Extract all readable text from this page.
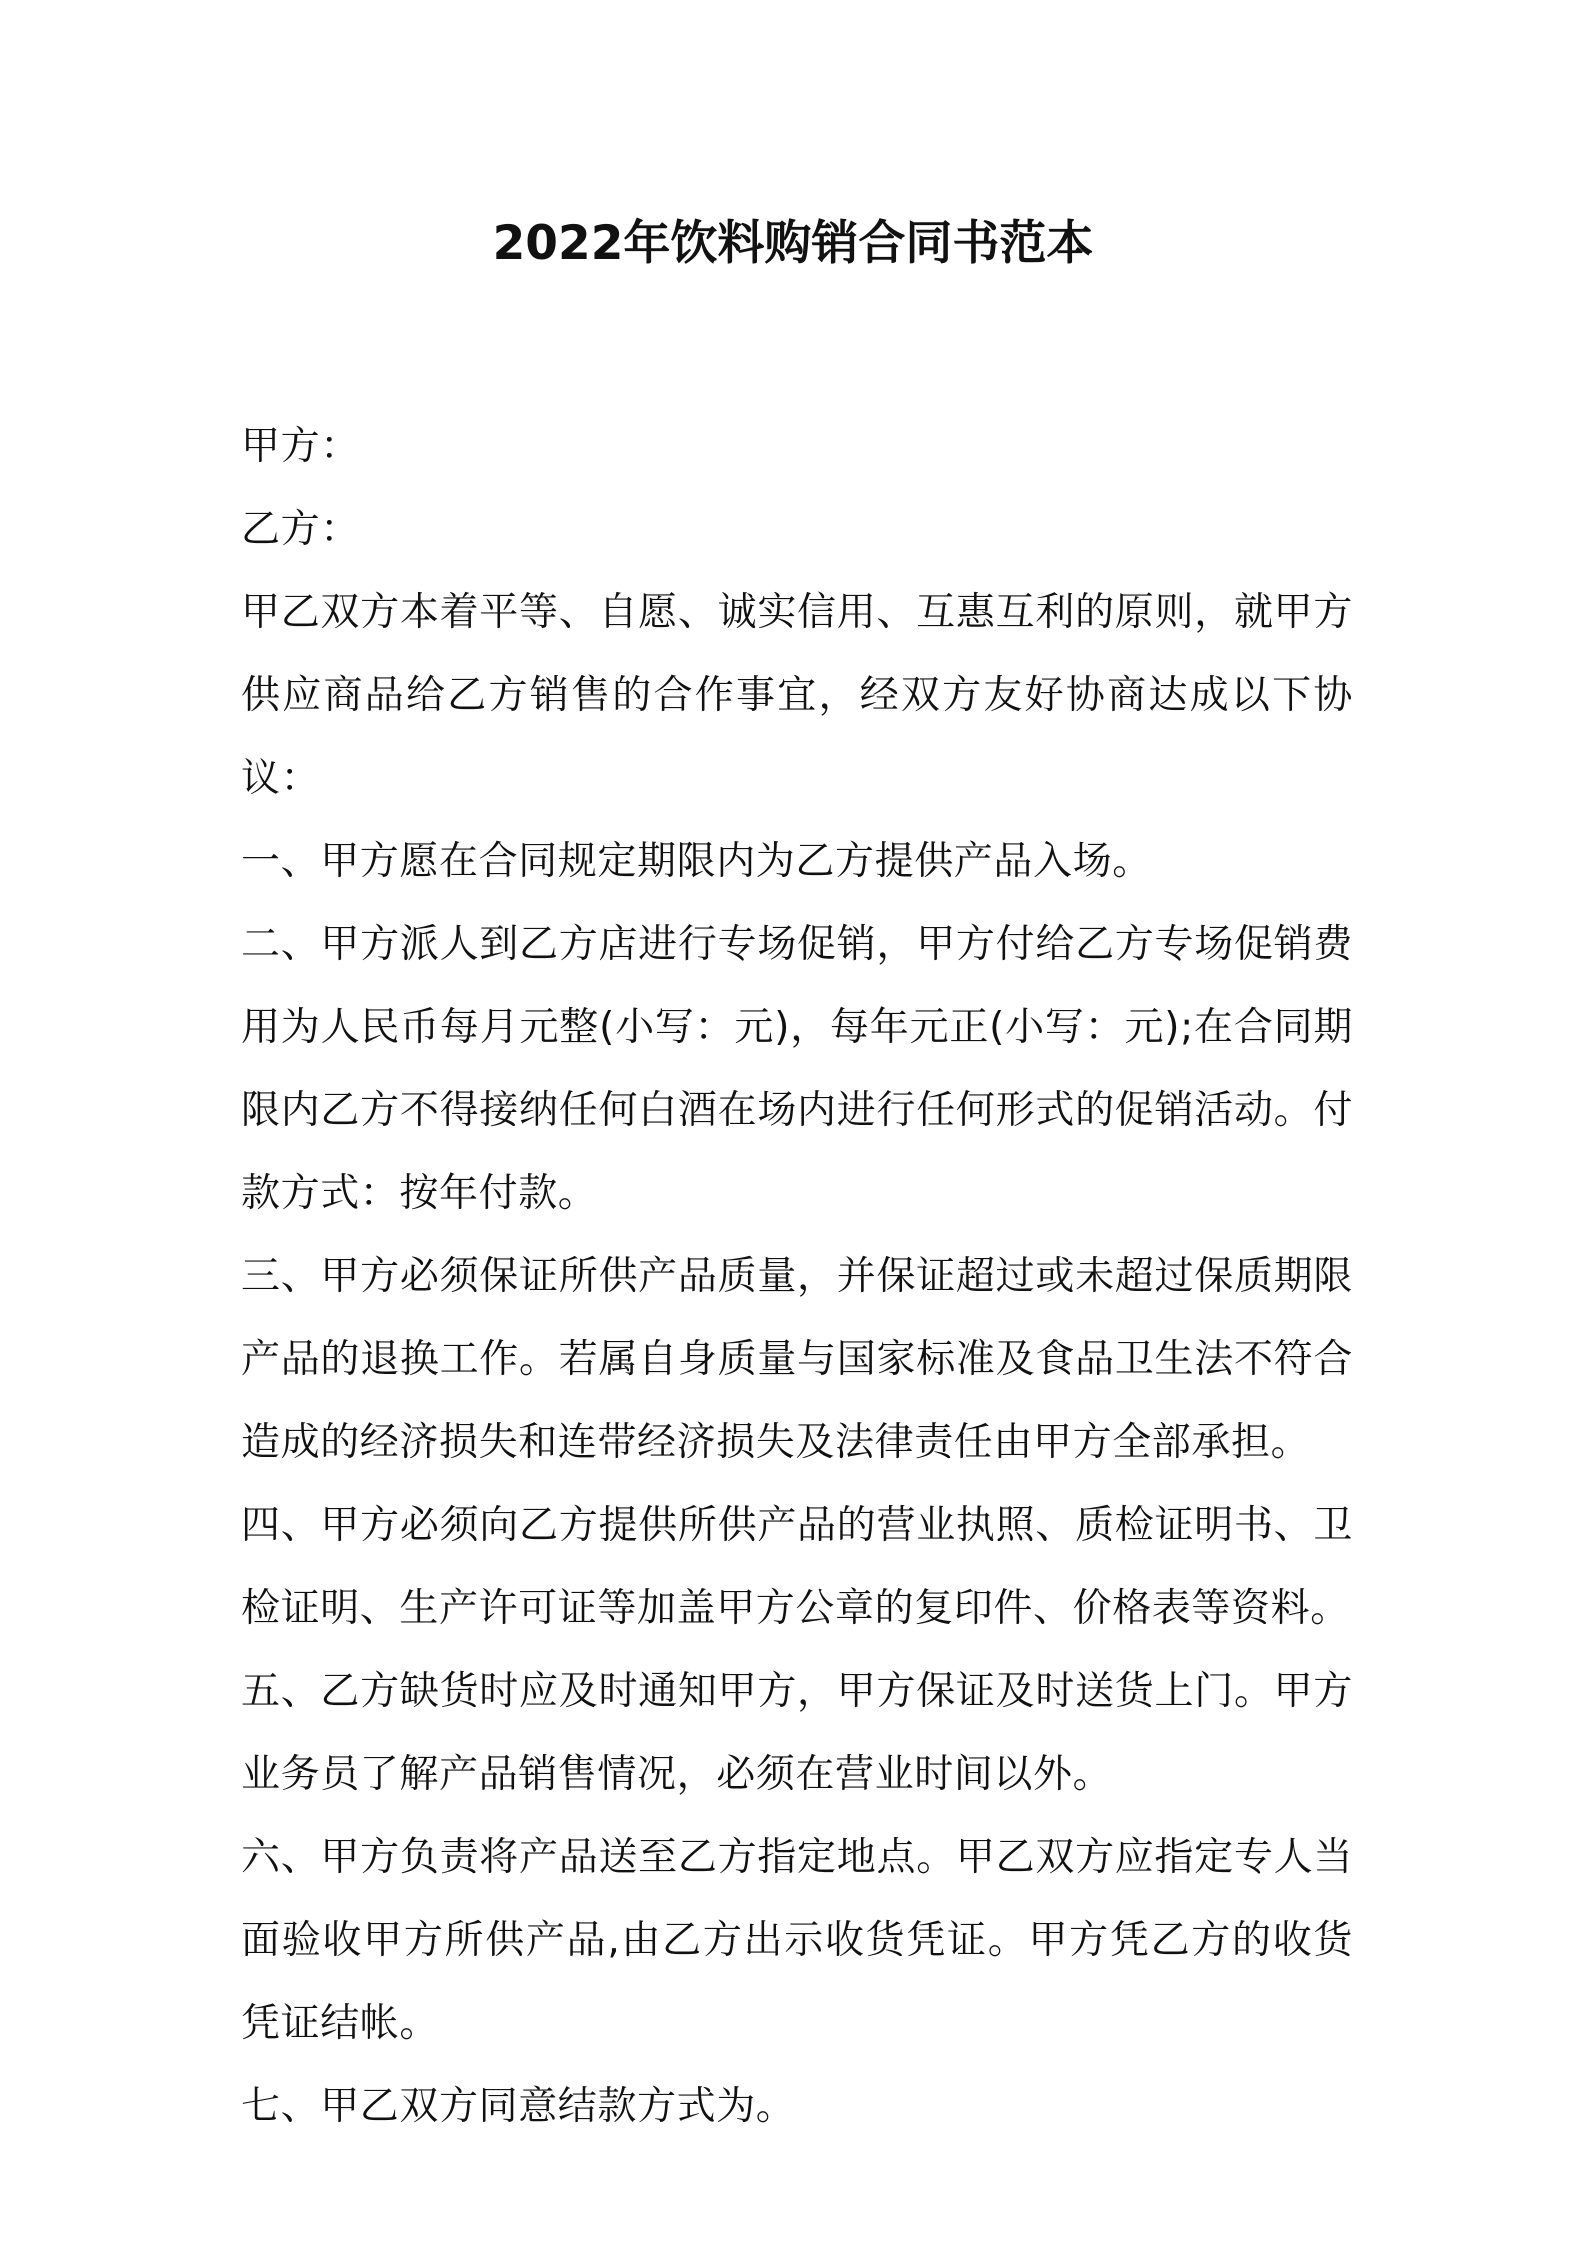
2022年饮料购销合同书范本

甲方：

乙方：

甲乙双方本着平等、自愿、诚实信用、互惠互利的原则，就甲方供应商品给乙方销售的合作事宜，经双方友好协商达成以下协议：

一、甲方愿在合同规定期限内为乙方提供产品入场。

二、甲方派人到乙方店进行专场促销，甲方付给乙方专场促销费用为人民币每月元整(小写：元)，每年元正(小写：元);在合同期限内乙方不得接纳任何白酒在场内进行任何形式的促销活动。付款方式：按年付款。

三、甲方必须保证所供产品质量，并保证超过或未超过保质期限产品的退换工作。若属自身质量与国家标准及食品卫生法不符合造成的经济损失和连带经济损失及法律责任由甲方全部承担。

四、甲方必须向乙方提供所供产品的营业执照、质检证明书、卫检证明、生产许可证等加盖甲方公章的复印件、价格表等资料。

五、乙方缺货时应及时通知甲方，甲方保证及时送货上门。甲方业务员了解产品销售情况，必须在营业时间以外。

六、甲方负责将产品送至乙方指定地点。甲乙双方应指定专人当面验收甲方所供产品,由乙方出示收货凭证。甲方凭乙方的收货凭证结帐。

七、甲乙双方同意结款方式为。
